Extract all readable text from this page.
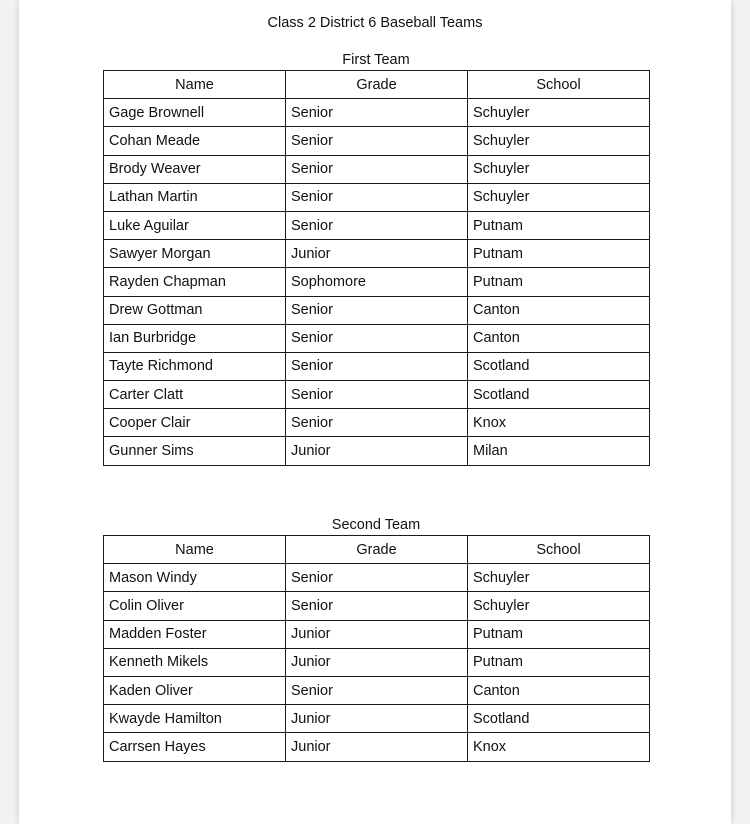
Class 2 District 6 Baseball Teams
First Team
Name	Grade	School
Gage Brownell	Senior	Schuyler
Cohan Meade	Senior	Schuyler
Brody Weaver	Senior	Schuyler
Lathan Martin	Senior	Schuyler
Luke Aguilar	Senior	Putnam
Sawyer Morgan	Junior	Putnam
Rayden Chapman	Sophomore	Putnam
Drew Gottman	Senior	Canton
Ian Burbridge	Senior	Canton
Tayte Richmond	Senior	Scotland
Carter Clatt	Senior	Scotland
Cooper Clair	Senior	Knox
Gunner Sims	Junior	Milan
Second Team
Name	Grade	School
Mason Windy	Senior	Schuyler
Colin Oliver	Senior	Schuyler
Madden Foster	Junior	Putnam
Kenneth Mikels	Junior	Putnam
Kaden Oliver	Senior	Canton
Kwayde Hamilton	Junior	Scotland
Carrsen Hayes	Junior	Knox
